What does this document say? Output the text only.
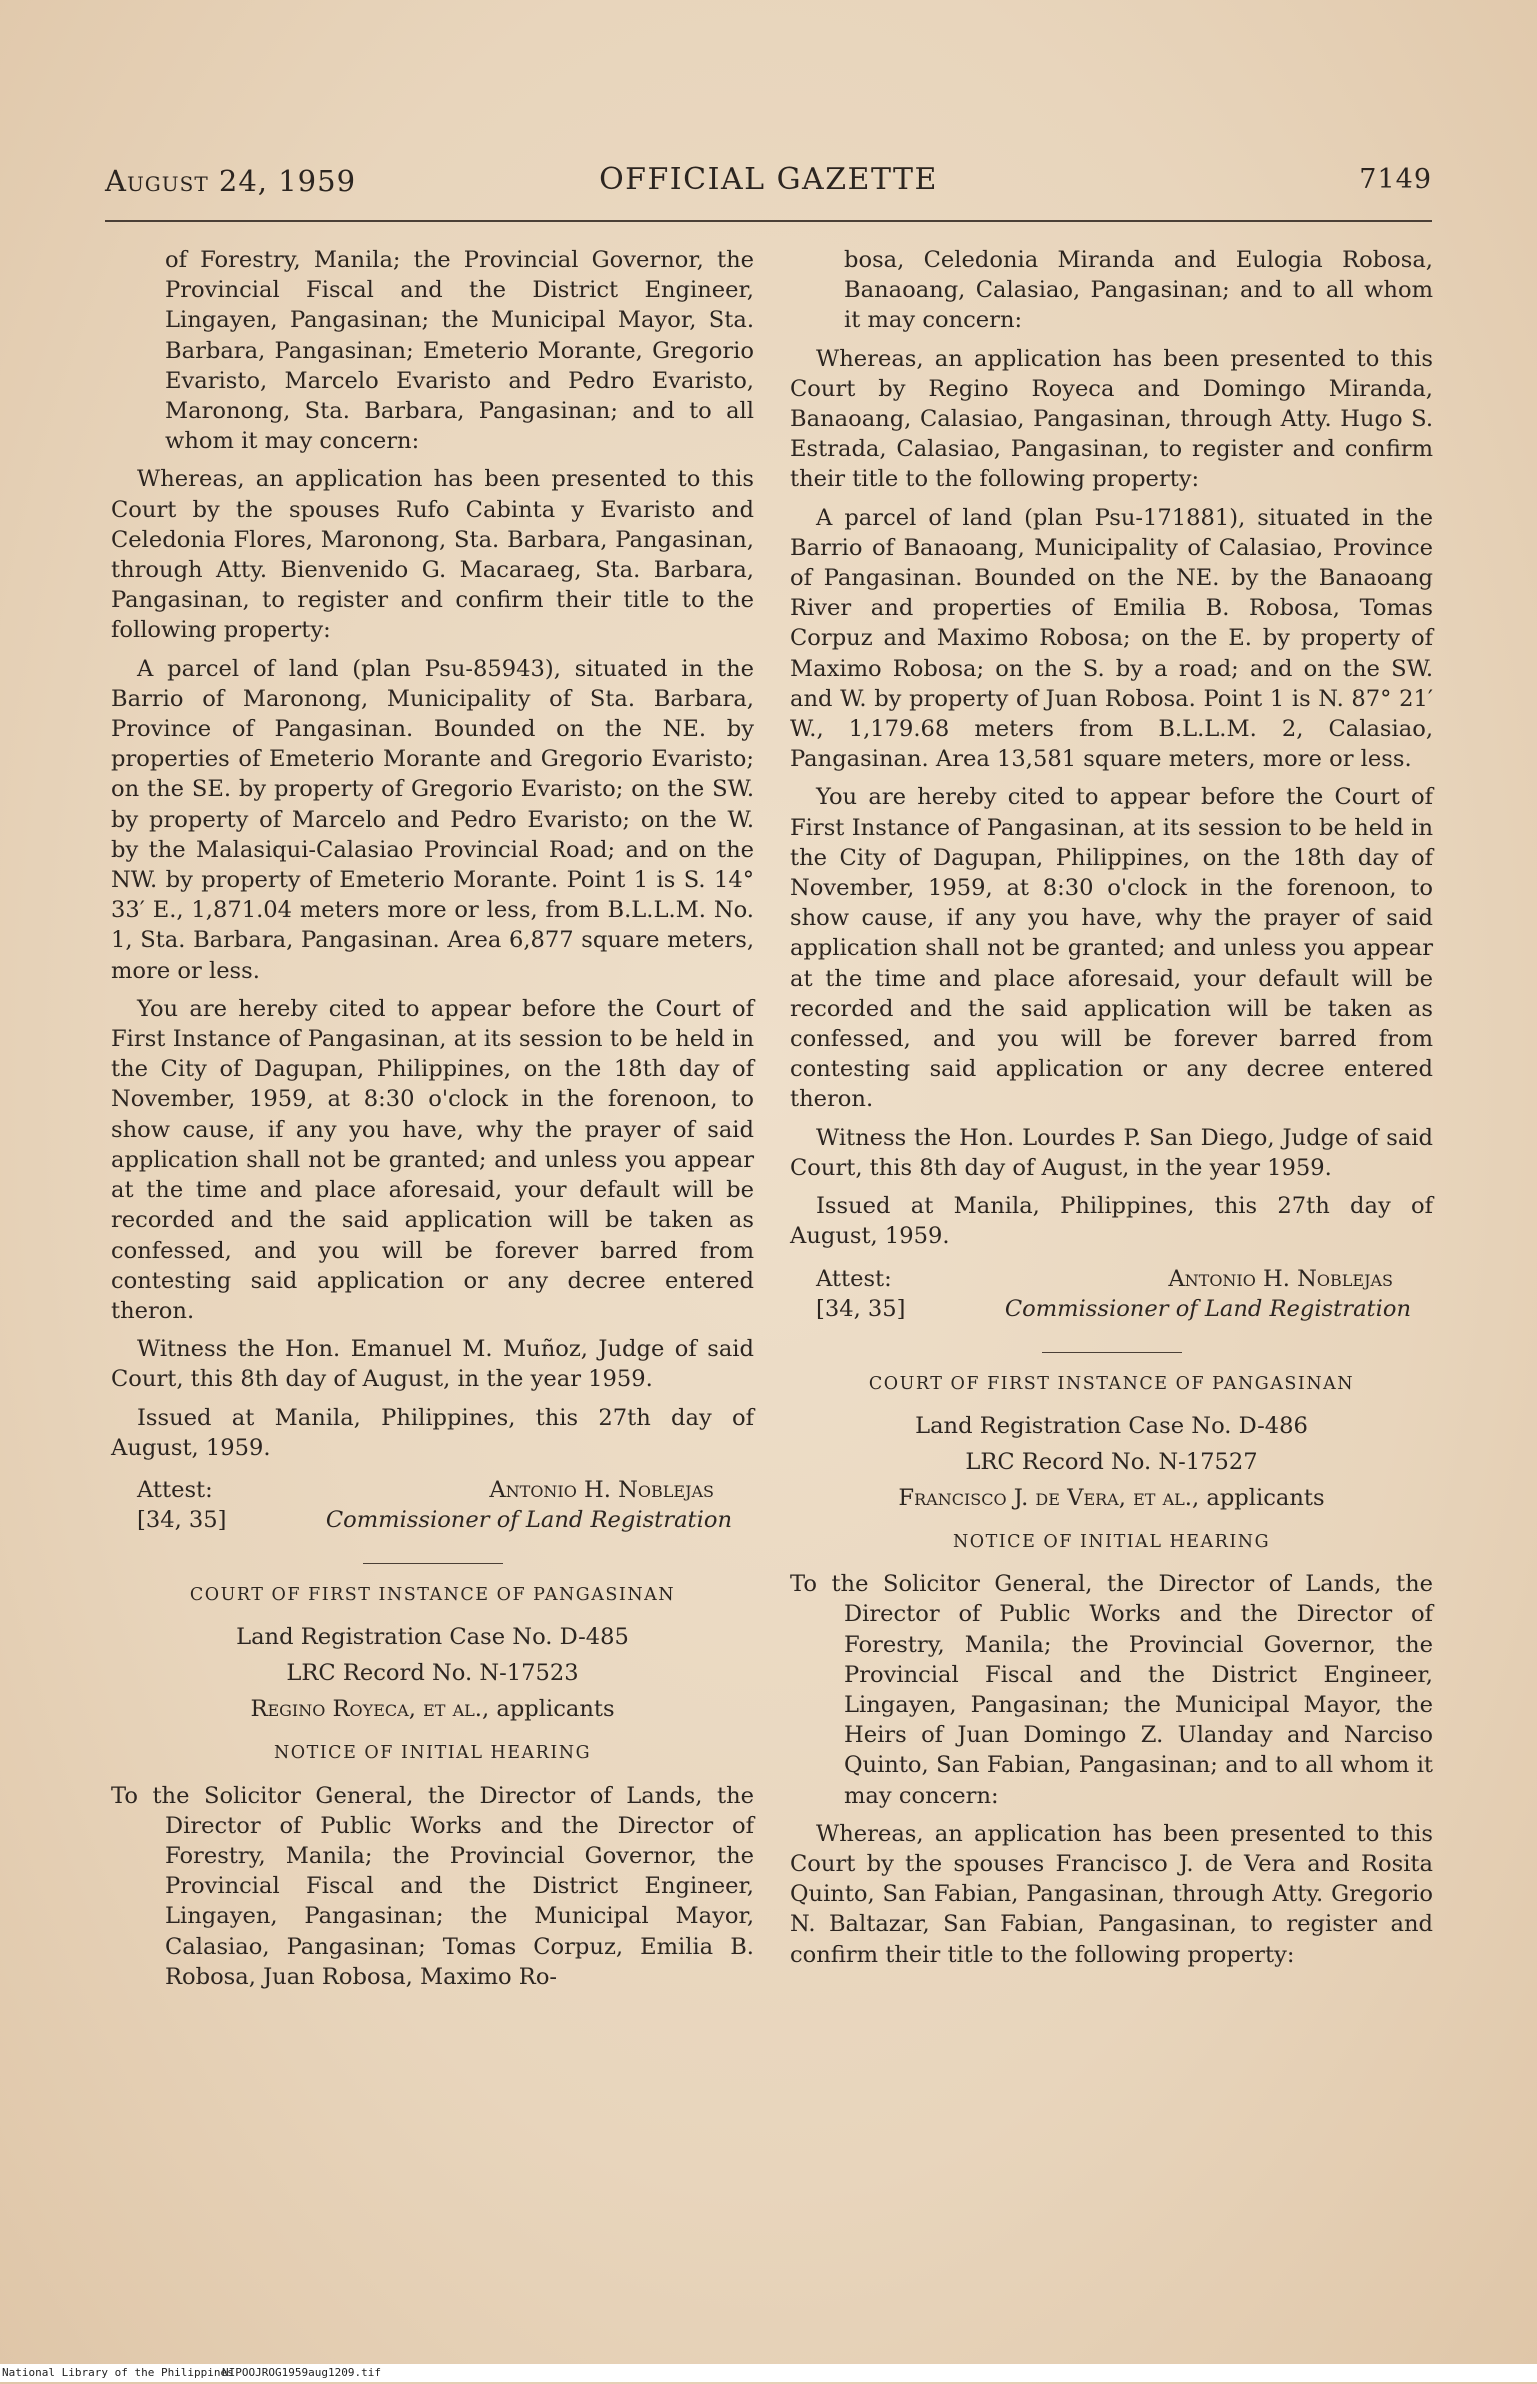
August 24, 1959	OFFICIAL GAZETTE	7149

of Forestry, Manila; the Provincial Governor, the Provincial Fiscal and the District Engineer, Lingayen, Pangasinan; the Municipal Mayor, Sta. Barbara, Pangasinan; Emeterio Morante, Gregorio Evaristo, Marcelo Evaristo and Pedro Evaristo, Maronong, Sta. Barbara, Pangasinan; and to all whom it may concern:

Whereas, an application has been presented to this Court by the spouses Rufo Cabinta y Evaristo and Celedonia Flores, Maronong, Sta. Barbara, Pangasinan, through Atty. Bienvenido G. Macaraeg, Sta. Barbara, Pangasinan, to register and confirm their title to the following property:

A parcel of land (plan Psu-85943), situated in the Barrio of Maronong, Municipality of Sta. Barbara, Province of Pangasinan. Bounded on the NE. by properties of Emeterio Morante and Gregorio Evaristo; on the SE. by property of Gregorio Evaristo; on the SW. by property of Marcelo and Pedro Evaristo; on the W. by the Malasiqui-Calasiao Provincial Road; and on the NW. by property of Emeterio Morante. Point 1 is S. 14° 33′ E., 1,871.04 meters more or less, from B.L.L.M. No. 1, Sta. Barbara, Pangasinan. Area 6,877 square meters, more or less.

You are hereby cited to appear before the Court of First Instance of Pangasinan, at its session to be held in the City of Dagupan, Philippines, on the 18th day of November, 1959, at 8:30 o'clock in the forenoon, to show cause, if any you have, why the prayer of said application shall not be granted; and unless you appear at the time and place aforesaid, your default will be recorded and the said application will be taken as confessed, and you will be forever barred from contesting said application or any decree entered theron.

Witness the Hon. Emanuel M. Muñoz, Judge of said Court, this 8th day of August, in the year 1959.

Issued at Manila, Philippines, this 27th day of August, 1959.

Attest:
[34, 35]
Antonio H. Noblejas
Commissioner of Land Registration
COURT OF FIRST INSTANCE OF PANGASINAN
Land Registration Case No. D-485
LRC Record No. N-17523
Regino Royeca, et al., applicants
NOTICE OF INITIAL HEARING

To the Solicitor General, the Director of Lands, the Director of Public Works and the Director of Forestry, Manila; the Provincial Governor, the Provincial Fiscal and the District Engineer, Lingayen, Pangasinan; the Municipal Mayor, Calasiao, Pangasinan; Tomas Corpuz, Emilia B. Robosa, Juan Robosa, Maximo Ro-

bosa, Celedonia Miranda and Eulogia Robosa, Banaoang, Calasiao, Pangasinan; and to all whom it may concern:

Whereas, an application has been presented to this Court by Regino Royeca and Domingo Miranda, Banaoang, Calasiao, Pangasinan, through Atty. Hugo S. Estrada, Calasiao, Pangasinan, to register and confirm their title to the following property:

A parcel of land (plan Psu-171881), situated in the Barrio of Banaoang, Municipality of Calasiao, Province of Pangasinan. Bounded on the NE. by the Banaoang River and properties of Emilia B. Robosa, Tomas Corpuz and Maximo Robosa; on the E. by property of Maximo Robosa; on the S. by a road; and on the SW. and W. by property of Juan Robosa. Point 1 is N. 87° 21′ W., 1,179.68 meters from B.L.L.M. 2, Calasiao, Pangasinan. Area 13,581 square meters, more or less.

You are hereby cited to appear before the Court of First Instance of Pangasinan, at its session to be held in the City of Dagupan, Philippines, on the 18th day of November, 1959, at 8:30 o'clock in the forenoon, to show cause, if any you have, why the prayer of said application shall not be granted; and unless you appear at the time and place aforesaid, your default will be recorded and the said application will be taken as confessed, and you will be forever barred from contesting said application or any decree entered theron.

Witness the Hon. Lourdes P. San Diego, Judge of said Court, this 8th day of August, in the year 1959.

Issued at Manila, Philippines, this 27th day of August, 1959.

Attest:
[34, 35]
Antonio H. Noblejas
Commissioner of Land Registration
COURT OF FIRST INSTANCE OF PANGASINAN
Land Registration Case No. D-486
LRC Record No. N-17527
Francisco J. de Vera, et al., applicants
NOTICE OF INITIAL HEARING

To the Solicitor General, the Director of Lands, the Director of Public Works and the Director of Forestry, Manila; the Provincial Governor, the Provincial Fiscal and the District Engineer, Lingayen, Pangasinan; the Municipal Mayor, the Heirs of Juan Domingo Z. Ulanday and Narciso Quinto, San Fabian, Pangasinan; and to all whom it may concern:

Whereas, an application has been presented to this Court by the spouses Francisco J. de Vera and Rosita Quinto, San Fabian, Pangasinan, through Atty. Gregorio N. Baltazar, San Fabian, Pangasinan, to register and confirm their title to the following property:

National Library of the Philippines
NIPOOJROG1959aug1209.tif
